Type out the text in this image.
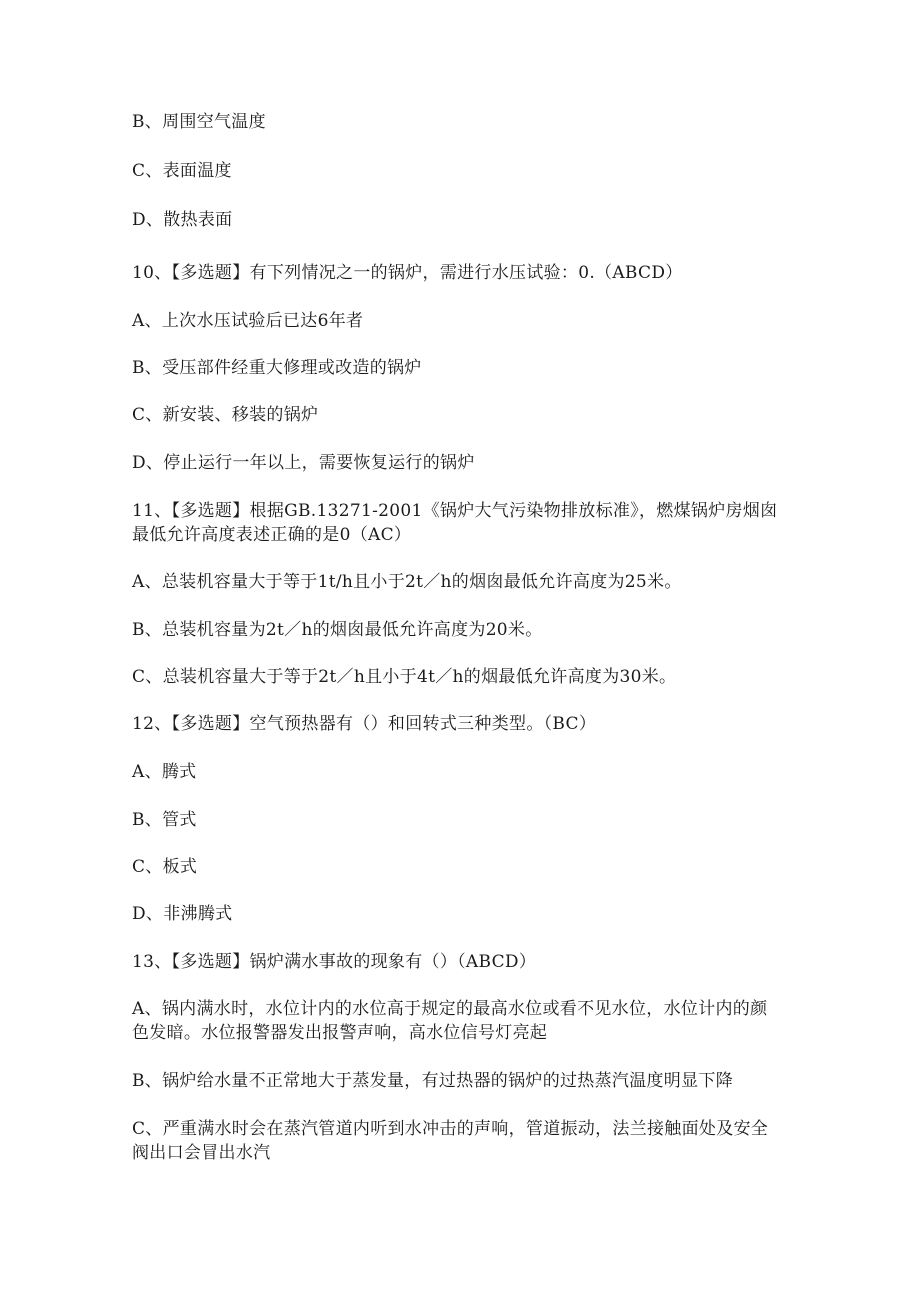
B、周围空气温度
C、表面温度
D、散热表面
10、【多选题】有下列情况之一的锅炉，需进行水压试验：0.（ABCD）
A、上次水压试验后已达6年者
B、受压部件经重大修理或改造的锅炉
C、新安装、移装的锅炉
D、停止运行一年以上，需要恢复运行的锅炉
11、【多选题】根据GB.13271-2001《锅炉大气污染物排放标准》，燃煤锅炉房烟囱最低允许高度表述正确的是0（AC）
A、总装机容量大于等于1t/h且小于2t／h的烟囱最低允许高度为25米。
B、总装机容量为2t／h的烟囱最低允许高度为20米。
C、总装机容量大于等于2t／h且小于4t／h的烟最低允许高度为30米。
12、【多选题】空气预热器有（）和回转式三种类型。（BC）
A、腾式
B、管式
C、板式
D、非沸腾式
13、【多选题】锅炉满水事故的现象有（）（ABCD）
A、锅内满水时，水位计内的水位高于规定的最高水位或看不见水位，水位计内的颜色发暗。水位报警器发出报警声响，高水位信号灯亮起
B、锅炉给水量不正常地大于蒸发量，有过热器的锅炉的过热蒸汽温度明显下降
C、严重满水时会在蒸汽管道内听到水冲击的声响，管道振动，法兰接触面处及安全阀出口会冒出水汽
